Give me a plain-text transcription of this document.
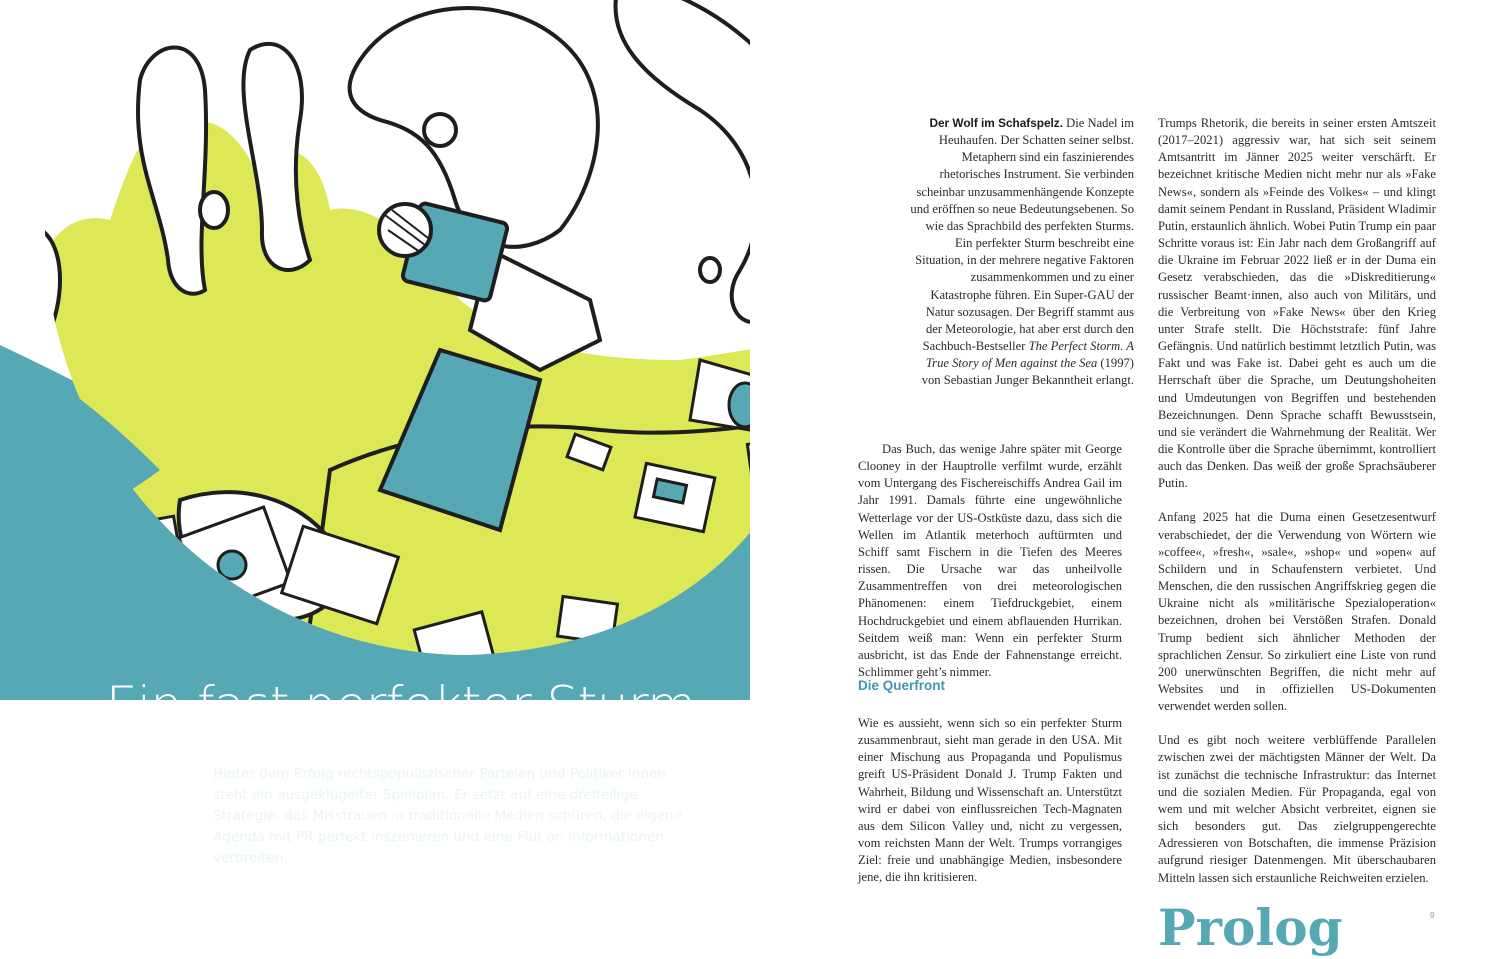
Ein fast perfekter Sturm

Hinter dem Erfolg rechtspopulistischer Parteien und Politiker·innen steht ein ausgeklügelter Spielplan. Er setzt auf eine dreiteilige Strategie: das Misstrauen in traditionelle Medien schüren, die eigene Agenda mit PR perfekt inszenieren und eine Flut an Informationen verbreiten.

Text Manfred Gram, Florian Skrabal
Artwork Daniel Seex

Der Wolf im Schafspelz. Die Nadel im Heuhaufen. Der Schatten seiner selbst. Metaphern sind ein faszinierendes rhetorisches Instrument. Sie verbinden scheinbar unzusammenhängende Konzepte und eröffnen so neue Bedeutungsebenen. So wie das Sprachbild des perfekten Sturms. Ein perfekter Sturm beschreibt eine Situation, in der mehrere negative Faktoren zusammenkommen und zu einer Katastrophe führen. Ein Super-GAU der Natur sozusagen. Der Begriff stammt aus der Meteorologie, hat aber erst durch den Sachbuch-Bestseller The Perfect Storm. A True Story of Men against the Sea (1997) von Sebastian Junger Bekanntheit erlangt.

Das Buch, das wenige Jahre später mit George Clooney in der Hauptrolle verfilmt wurde, erzählt vom Untergang des Fischereischiffs Andrea Gail im Jahr 1991. Damals führte eine ungewöhnliche Wetterlage vor der US-Ostküste dazu, dass sich die Wellen im Atlantik meterhoch auftürmten und Schiff samt Fischern in die Tiefen des Meeres rissen. Die Ursache war das unheilvolle Zusammentreffen von drei meteorologischen Phänomenen: einem Tiefdruckgebiet, einem Hochdruckgebiet und einem abflauenden Hurrikan. Seitdem weiß man: Wenn ein perfekter Sturm ausbricht, ist das Ende der Fahnenstange erreicht. Schlimmer geht’s nimmer.

Die Querfront

Wie es aussieht, wenn sich so ein perfekter Sturm zusammenbraut, sieht man gerade in den USA. Mit einer Mischung aus Propaganda und Populismus greift US-Präsident Donald J. Trump Fakten und Wahrheit, Bildung und Wissenschaft an. Unterstützt wird er dabei von einflussreichen Tech-Magnaten aus dem Silicon Valley und, nicht zu vergessen, vom reichsten Mann der Welt. Trumps vorrangiges Ziel: freie und unabhängige Medien, insbesondere jene, die ihn kritisieren.

Trumps Rhetorik, die bereits in seiner ersten Amtszeit (2017–2021) aggressiv war, hat sich seit seinem Amtsantritt im Jänner 2025 weiter verschärft. Er bezeichnet kritische Medien nicht mehr nur als »Fake News«, sondern als »Feinde des Volkes« – und klingt damit seinem Pendant in Russland, Präsident Wladimir Putin, erstaunlich ähnlich. Wobei Putin Trump ein paar Schritte voraus ist: Ein Jahr nach dem Großangriff auf die Ukraine im Februar 2022 ließ er in der Duma ein Gesetz verabschieden, das die »Diskreditierung« russischer Beamt·innen, also auch von Militärs, und die Verbreitung von »Fake News« über den Krieg unter Strafe stellt. Die Höchststrafe: fünf Jahre Gefängnis. Und natürlich bestimmt letztlich Putin, was Fakt und was Fake ist. Dabei geht es auch um die Herrschaft über die Sprache, um Deutungshoheiten und Umdeutungen von Begriffen und bestehenden Bezeichnungen. Denn Sprache schafft Bewusstsein, und sie verändert die Wahrnehmung der Realität. Wer die Kontrolle über die Sprache übernimmt, kontrolliert auch das Denken. Das weiß der große Sprachsäuberer Putin.

Anfang 2025 hat die Duma einen Gesetzesentwurf verabschiedet, der die Verwendung von Wörtern wie »coffee«, »fresh«, »sale«, »shop« und »open« auf Schildern und in Schaufenstern verbietet. Und Menschen, die den russischen Angriffskrieg gegen die Ukraine nicht als »militärische Spezialoperation« bezeichnen, drohen bei Verstößen Strafen. Donald Trump bedient sich ähnlicher Methoden der sprachlichen Zensur. So zirkuliert eine Liste von rund 200 unerwünschten Begriffen, die nicht mehr auf Websites und in offiziellen US-Dokumenten verwendet werden sollen.

Und es gibt noch weitere verblüffende Parallelen zwischen zwei der mächtigsten Männer der Welt. Da ist zunächst die technische Infrastruktur: das Internet und die sozialen Medien. Für Propaganda, egal von wem und mit welcher Absicht verbreitet, eignen sie sich besonders gut. Das zielgruppengerechte Adressieren von Botschaften, die immense Präzision aufgrund riesiger Datenmengen. Mit überschaubaren Mitteln lassen sich erstaunliche Reichweiten erzielen.

9
Prolog
